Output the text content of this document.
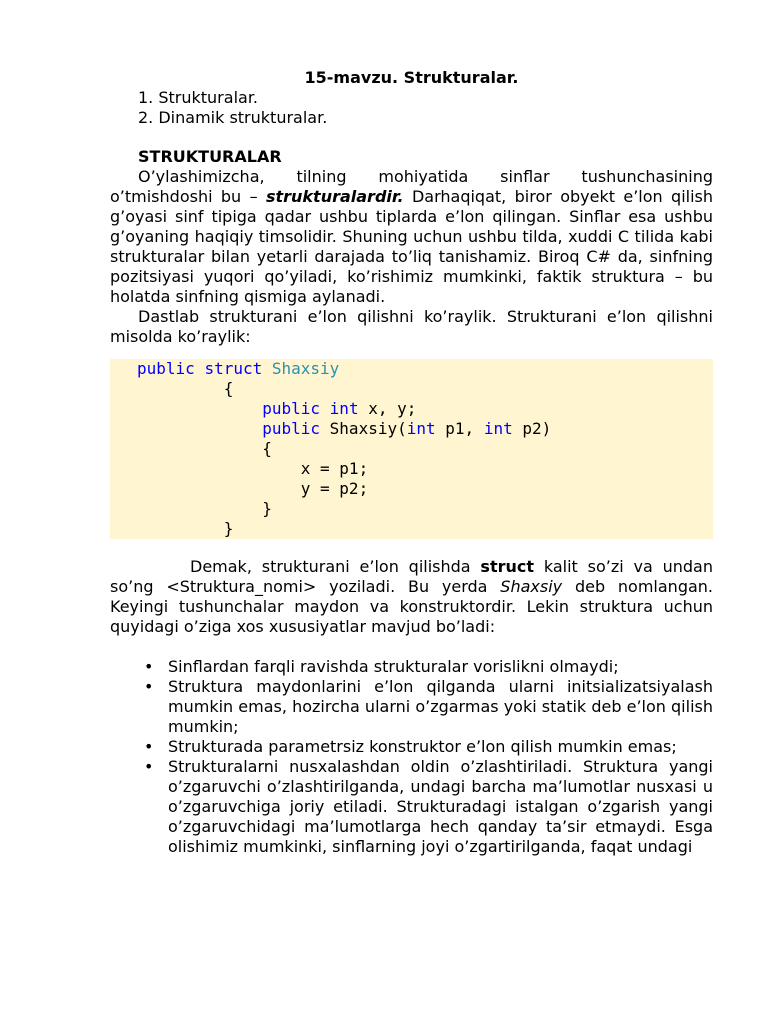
15-mavzu. Strukturalar.
1. Strukturalar.
2. Dinamik strukturalar.
STRUKTURALAR

O’ylashimizcha, tilning mohiyatida sinflar tushunchasining o’tmishdoshi bu – strukturalardir. Darhaqiqat, biror obyekt e’lon qilish g’oyasi sinf tipiga qadar ushbu tiplarda e’lon qilingan. Sinflar esa ushbu g’oyaning haqiqiy timsolidir. Shuning uchun ushbu tilda, xuddi C tilida kabi strukturalar bilan yetarli darajada to’liq tanishamiz. Biroq C# da, sinfning pozitsiyasi yuqori qo’yiladi, ko’rishimiz mumkinki, faktik struktura – bu holatda sinfning qismiga aylanadi.

Dastlab strukturani e’lon qilishni ko’raylik. Strukturani e’lon qilishni misolda ko’raylik:

public struct Shaxsiy
{
public int x, y;
public Shaxsiy(int p1, int p2)
{
x = p1;
y = p2;
}
}

Demak, strukturani e’lon qilishda struct kalit so’zi va undan so’ng <Struktura_nomi> yoziladi. Bu yerda Shaxsiy deb nomlangan. Keyingi tushunchalar maydon va konstruktordir. Lekin struktura uchun quyidagi o’ziga xos xususiyatlar mavjud bo’ladi:

• Sinflardan farqli ravishda strukturalar vorislikni olmaydi;
• Struktura maydonlarini e’lon qilganda ularni initsializatsiyalash mumkin emas, hozircha ularni o’zgarmas yoki statik deb e’lon qilish mumkin;
• Strukturada parametrsiz konstruktor e’lon qilish mumkin emas;
• Strukturalarni nusxalashdan oldin o’zlashtiriladi. Struktura yangi o’zgaruvchi o’zlashtirilganda, undagi barcha ma’lumotlar nusxasi u o’zgaruvchiga joriy etiladi. Strukturadagi istalgan o’zgarish yangi o’zgaruvchidagi ma’lumotlarga hech qanday ta’sir etmaydi. Esga olishimiz mumkinki, sinflarning joyi o’zgartirilganda, faqat undagi
